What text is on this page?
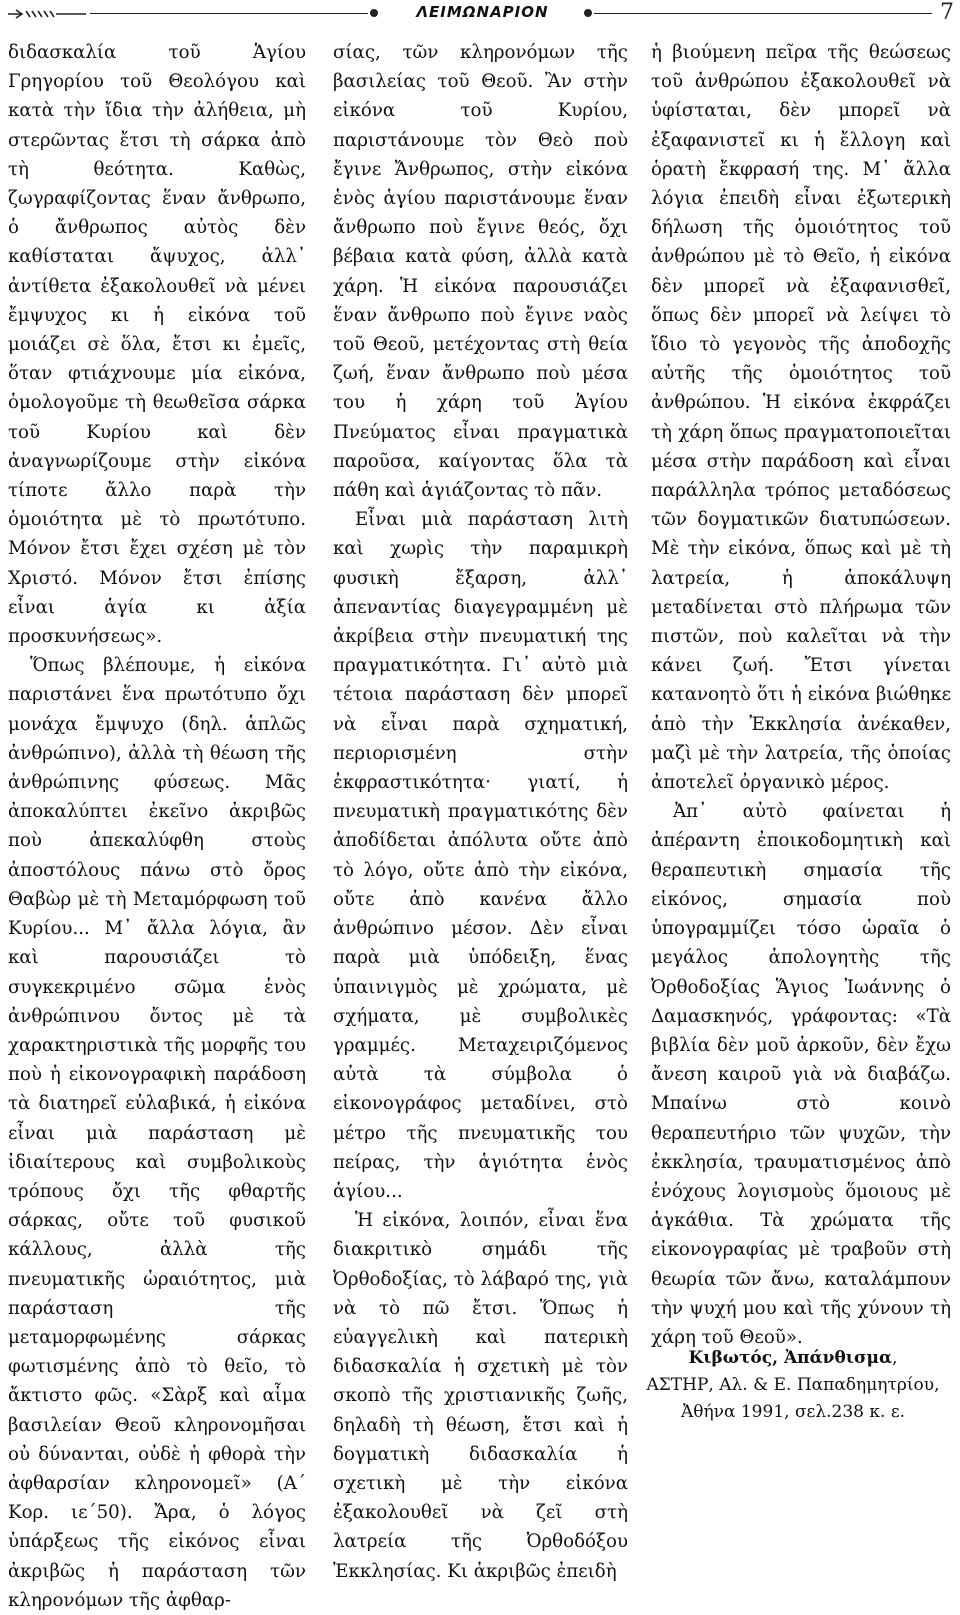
ΛΕΙΜΩΝΑΡΙΟΝ	7

διδασκαλία τοῦ Ἁγίου Γρηγορίου τοῦ Θεολόγου καὶ κατὰ τὴν ἴδια τὴν ἀλήθεια, μὴ στερῶντας ἔτσι τὴ σάρκα ἀπὸ τὴ θεότητα. Καθὼς, ζωγραφίζοντας ἕναν ἄνθρωπο, ὁ ἄνθρωπος αὐτὸς δὲν καθίσταται ἄψυχος, ἀλλ᾽ ἀντίθετα ἐξακολουθεῖ νὰ μένει ἔμψυχος κι ἡ εἰκόνα τοῦ μοιάζει σὲ ὅλα, ἔτσι κι ἐμεῖς, ὅταν φτιάχνουμε μία εἰκόνα, ὁμολογοῦμε τὴ θεωθεῖσα σάρκα τοῦ Κυρίου καὶ δὲν ἀναγνωρίζουμε στὴν εἰκόνα τίποτε ἄλλο παρὰ τὴν ὁμοιότητα μὲ τὸ πρωτότυπο. Μόνον ἔτσι ἔχει σχέση μὲ τὸν Χριστό. Μόνον ἔτσι ἐπίσης εἶναι ἁγία κι ἀξία προσκυνήσεως».

Ὅπως βλέπουμε, ἡ εἰκόνα παριστάνει ἕνα πρωτότυπο ὄχι μονάχα ἔμψυχο (δηλ. ἁπλῶς ἀνθρώπινο), ἀλλὰ τὴ θέωση τῆς ἀνθρώπινης φύσεως. Μᾶς ἀποκαλύπτει ἐκεῖνο ἀκριβῶς ποὺ ἀπεκαλύφθη στοὺς ἀποστόλους πάνω στὸ ὄρος Θαβὼρ μὲ τὴ Μεταμόρφωση τοῦ Κυρίου... Μ᾽ ἄλλα λόγια, ἂν καὶ παρουσιάζει τὸ συγκεκριμένο σῶμα ἑνὸς ἀνθρώπινου ὄντος μὲ τὰ χαρακτηριστικὰ τῆς μορφῆς του ποὺ ἡ εἰκονογραφικὴ παράδοση τὰ διατηρεῖ εὐλαβικά, ἡ εἰκόνα εἶναι μιὰ παράσταση μὲ ἰδιαίτερους καὶ συμβολικοὺς τρόπους ὄχι τῆς φθαρτῆς σάρκας, οὔτε τοῦ φυσικοῦ κάλλους, ἀλλὰ τῆς πνευματικῆς ὡραιότητος, μιὰ παράσταση τῆς μεταμορφωμένης σάρκας φωτισμένης ἀπὸ τὸ θεῖο, τὸ ἄκτιστο φῶς. «Σὰρξ καὶ αἷμα βασιλείαν Θεοῦ κληρονομῆσαι οὐ δύνανται, οὐδὲ ἡ φθορὰ τὴν ἀφθαρσίαν κληρονομεῖ» (Α΄ Κορ. ιε΄50). Ἄρα, ὁ λόγος ὑπάρξεως τῆς εἰκόνος εἶναι ἀκριβῶς ἡ παράσταση τῶν κληρονόμων τῆς ἀφθαρ-

σίας, τῶν κληρονόμων τῆς βασιλείας τοῦ Θεοῦ. Ἂν στὴν εἰκόνα τοῦ Κυρίου, παριστάνουμε τὸν Θεὸ ποὺ ἔγινε Ἄνθρωπος, στὴν εἰκόνα ἑνὸς ἁγίου παριστάνουμε ἕναν ἄνθρωπο ποὺ ἔγινε θεός, ὄχι βέβαια κατὰ φύση, ἀλλὰ κατὰ χάρη. Ἡ εἰκόνα παρουσιάζει ἕναν ἄνθρωπο ποὺ ἔγινε ναὸς τοῦ Θεοῦ, μετέχοντας στὴ θεία ζωή, ἕναν ἄνθρωπο ποὺ μέσα του ἡ χάρη τοῦ Ἁγίου Πνεύματος εἶναι πραγματικὰ παροῦσα, καίγοντας ὅλα τὰ πάθη καὶ ἁγιάζοντας τὸ πᾶν.

Εἶναι μιὰ παράσταση λιτὴ καὶ χωρὶς τὴν παραμικρὴ φυσικὴ ἔξαρση, ἀλλ᾽ ἀπεναντίας διαγεγραμμένη μὲ ἀκρίβεια στὴν πνευματική της πραγματικότητα. Γι᾽ αὐτὸ μιὰ τέτοια παράσταση δὲν μπορεῖ νὰ εἶναι παρὰ σχηματική, περιορισμένη στὴν ἐκφραστικότητα· γιατί, ἡ πνευματικὴ πραγματικότης δὲν ἀποδίδεται ἀπόλυτα οὔτε ἀπὸ τὸ λόγο, οὔτε ἀπὸ τὴν εἰκόνα, οὔτε ἀπὸ κανένα ἄλλο ἀνθρώπινο μέσον. Δὲν εἶναι παρὰ μιὰ ὑπόδειξη, ἕνας ὑπαινιγμὸς μὲ χρώματα, μὲ σχήματα, μὲ συμβολικὲς γραμμές. Μεταχειριζόμενος αὐτὰ τὰ σύμβολα ὁ εἰκονογράφος μεταδίνει, στὸ μέτρο τῆς πνευματικῆς του πείρας, τὴν ἁγιότητα ἑνὸς ἁγίου...

Ἡ εἰκόνα, λοιπόν, εἶναι ἕνα διακριτικὸ σημάδι τῆς Ὀρθοδοξίας, τὸ λάβαρό της, γιὰ νὰ τὸ πῶ ἔτσι. Ὅπως ἡ εὐαγγελικὴ καὶ πατερικὴ διδασκαλία ἡ σχετικὴ μὲ τὸν σκοπὸ τῆς χριστιανικῆς ζωῆς, δηλαδὴ τὴ θέωση, ἔτσι καὶ ἡ δογματικὴ διδασκαλία ἡ σχετικὴ μὲ τὴν εἰκόνα ἐξακολουθεῖ νὰ ζεῖ στὴ λατρεία τῆς Ὀρθοδόξου Ἐκκλησίας. Κι ἀκριβῶς ἐπειδὴ

ἡ βιούμενη πεῖρα τῆς θεώσεως τοῦ ἀνθρώπου ἐξακολουθεῖ νὰ ὑφίσταται, δὲν μπορεῖ νὰ ἐξαφανιστεῖ κι ἡ ἔλλογη καὶ ὁρατὴ ἔκφρασή της. Μ᾽ ἄλλα λόγια ἐπειδὴ εἶναι ἐξωτερικὴ δήλωση τῆς ὁμοιότητος τοῦ ἀνθρώπου μὲ τὸ Θεῖο, ἡ εἰκόνα δὲν μπορεῖ νὰ ἐξαφανισθεῖ, ὅπως δὲν μπορεῖ νὰ λείψει τὸ ἴδιο τὸ γεγονὸς τῆς ἀποδοχῆς αὐτῆς τῆς ὁμοιότητος τοῦ ἀνθρώπου. Ἡ εἰκόνα ἐκφράζει τὴ χάρη ὅπως πραγματοποιεῖται μέσα στὴν παράδοση καὶ εἶναι παράλληλα τρόπος μεταδόσεως τῶν δογματικῶν διατυπώσεων. Μὲ τὴν εἰκόνα, ὅπως καὶ μὲ τὴ λατρεία, ἡ ἀποκάλυψη μεταδίνεται στὸ πλήρωμα τῶν πιστῶν, ποὺ καλεῖται νὰ τὴν κάνει ζωή. Ἔτσι γίνεται κατανοητὸ ὅτι ἡ εἰκόνα βιώθηκε ἀπὸ τὴν Ἐκκλησία ἀνέκαθεν, μαζὶ μὲ τὴν λατρεία, τῆς ὁποίας ἀποτελεῖ ὀργανικὸ μέρος.

Ἀπ᾽ αὐτὸ φαίνεται ἡ ἀπέραντη ἐποικοδομητικὴ καὶ θεραπευτικὴ σημασία τῆς εἰκόνος, σημασία ποὺ ὑπογραμμίζει τόσο ὡραῖα ὁ μεγάλος ἀπολογητὴς τῆς Ὀρθοδοξίας Ἅγιος Ἰωάννης ὁ Δαμασκηνός, γράφοντας: «Τὰ βιβλία δὲν μοῦ ἀρκοῦν, δὲν ἔχω ἄνεση καιροῦ γιὰ νὰ διαβάζω. Μπαίνω στὸ κοινὸ θεραπευτήριο τῶν ψυχῶν, τὴν ἐκκλησία, τραυματισμένος ἀπὸ ἐνόχους λογισμοὺς ὅμοιους μὲ ἀγκάθια. Τὰ χρώματα τῆς εἰκονογραφίας μὲ τραβοῦν στὴ θεωρία τῶν ἄνω, καταλάμπουν τὴν ψυχή μου καὶ τῆς χύνουν τὴ χάρη τοῦ Θεοῦ».

Κιβωτός, Ἀπάνθισμα,
ΑΣΤΗΡ, Αλ. & Ε. Παπαδημητρίου,
Ἀθήνα 1991, σελ.238 κ. ε.
